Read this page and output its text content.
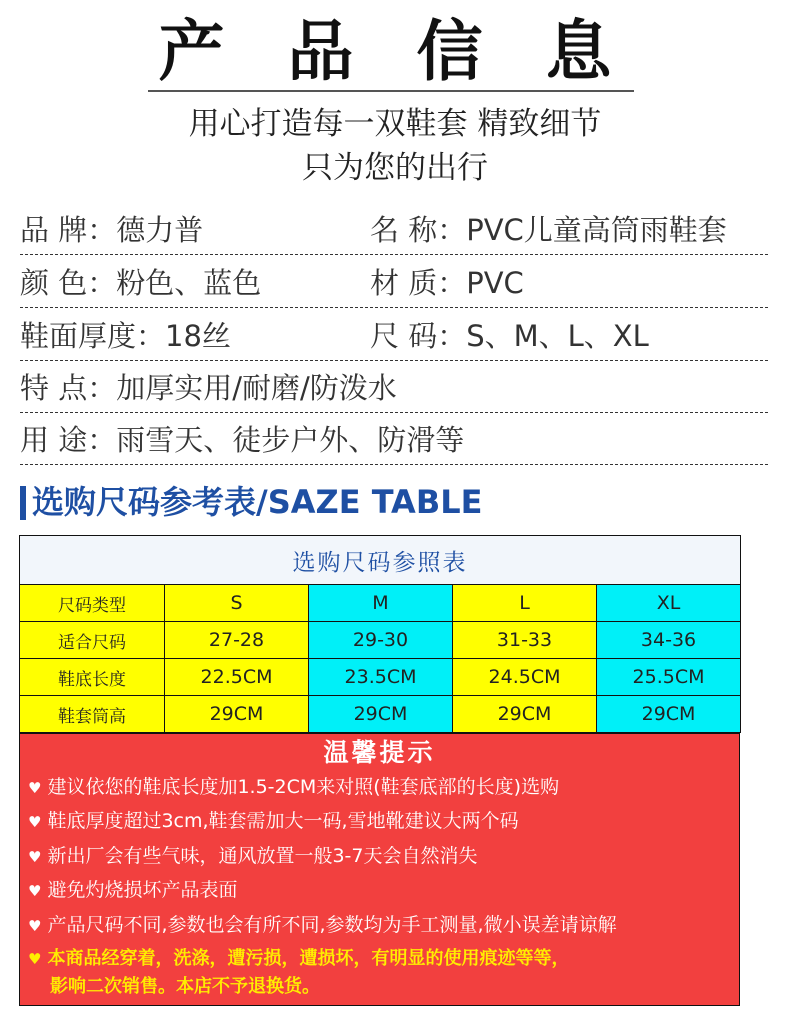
产 品 信 息
用心打造每一双鞋套 精致细节
只为您的出行
品 牌：德力普	名 称：PVC儿童高筒雨鞋套
颜 色：粉色、蓝色	材 质：PVC
鞋面厚度：18丝	尺 码：S、M、L、XL
特 点：加厚实用/耐磨/防泼水
用 途：雨雪天、徒步户外、防滑等
选购尺码参考表/SAZE TABLE
选购尺码参照表				
尺码类型	S	M	L	XL
适合尺码	27-28	29-30	31-33	34-36
鞋底长度	22.5CM	23.5CM	24.5CM	25.5CM
鞋套筒高	29CM	29CM	29CM	29CM
温馨提示
♥ 建议依您的鞋底长度加1.5-2CM来对照(鞋套底部的长度)选购
♥ 鞋底厚度超过3cm,鞋套需加大一码,雪地靴建议大两个码
♥ 新出厂会有些气味，通风放置一般3-7天会自然消失
♥ 避免灼烧损坏产品表面
♥ 产品尺码不同,参数也会有所不同,参数均为手工测量,微小误差请谅解
♥ 本商品经穿着，洗涤，遭污损，遭损坏，有明显的使用痕迹等等，
影响二次销售。本店不予退换货。
